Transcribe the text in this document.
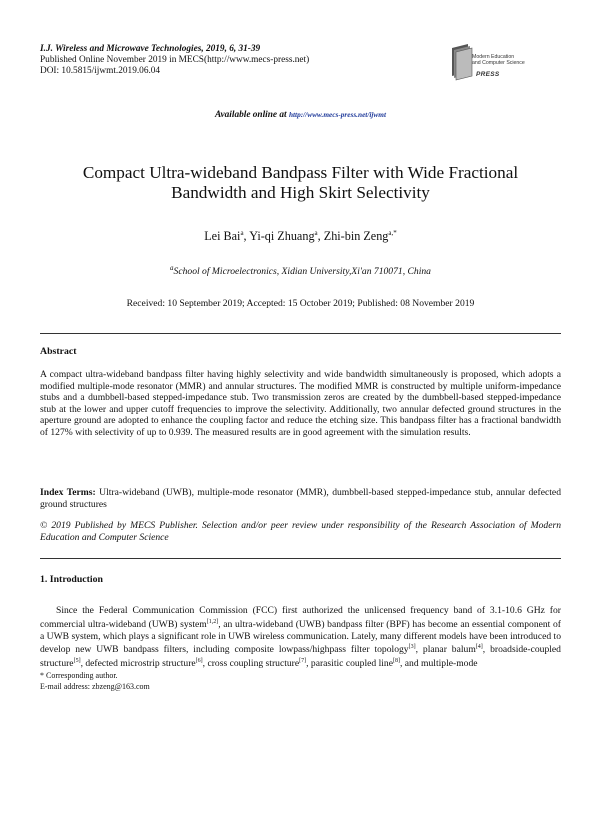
I.J. Wireless and Microwave Technologies, 2019, 6, 31-39
Published Online November 2019 in MECS(http://www.mecs-press.net)
DOI: 10.5815/ijwmt.2019.06.04
Modern Education
and Computer Science
PRESS
Available online at http://www.mecs-press.net/ijwmt
Compact Ultra-wideband Bandpass Filter with Wide Fractional
Bandwidth and High Skirt Selectivity
Lei Bai$^a$, Yi-qi Zhuang$^a$, Zhi-bin Zeng$^{a,*}$
$^a$School of Microelectronics, Xidian University,Xi'an 710071, China
Received: 10 September 2019; Accepted: 15 October 2019; Published: 08 November 2019
Abstract
A compact ultra-wideband bandpass filter having highly selectivity and wide bandwidth simultaneously is proposed, which adopts a modified multiple-mode resonator (MMR) and annular structures. The modified MMR is constructed by multiple uniform-impedance stubs and a dumbbell-based stepped-impedance stub. Two transmission zeros are created by the dumbbell-based stepped-impedance stub at the lower and upper cutoff frequencies to improve the selectivity. Additionally, two annular defected ground structures in the aperture ground are adopted to enhance the coupling factor and reduce the etching size. This bandpass filter has a fractional bandwidth of 127% with selectivity of up to 0.939. The measured results are in good agreement with the simulation results.
Index Terms: Ultra-wideband (UWB), multiple-mode resonator (MMR), dumbbell-based stepped-impedance stub, annular defected ground structures
© 2019 Published by MECS Publisher. Selection and/or peer review under responsibility of the Research Association of Modern Education and Computer Science
1. Introduction
Since the Federal Communication Commission (FCC) first authorized the unlicensed frequency band of 3.1-10.6 GHz for commercial ultra-wideband (UWB) system[1,2], an ultra-wideband (UWB) bandpass filter (BPF) has become an essential component of a UWB system, which plays a significant role in UWB wireless communication. Lately, many different models have been introduced to develop new UWB bandpass filters, including composite lowpass/highpass filter topology[3], planar balum[4], broadside-coupled structure[5], defected microstrip structure[6], cross coupling structure[7], parasitic coupled line[8], and multiple-mode
* Corresponding author.
E-mail address: zbzeng@163.com
